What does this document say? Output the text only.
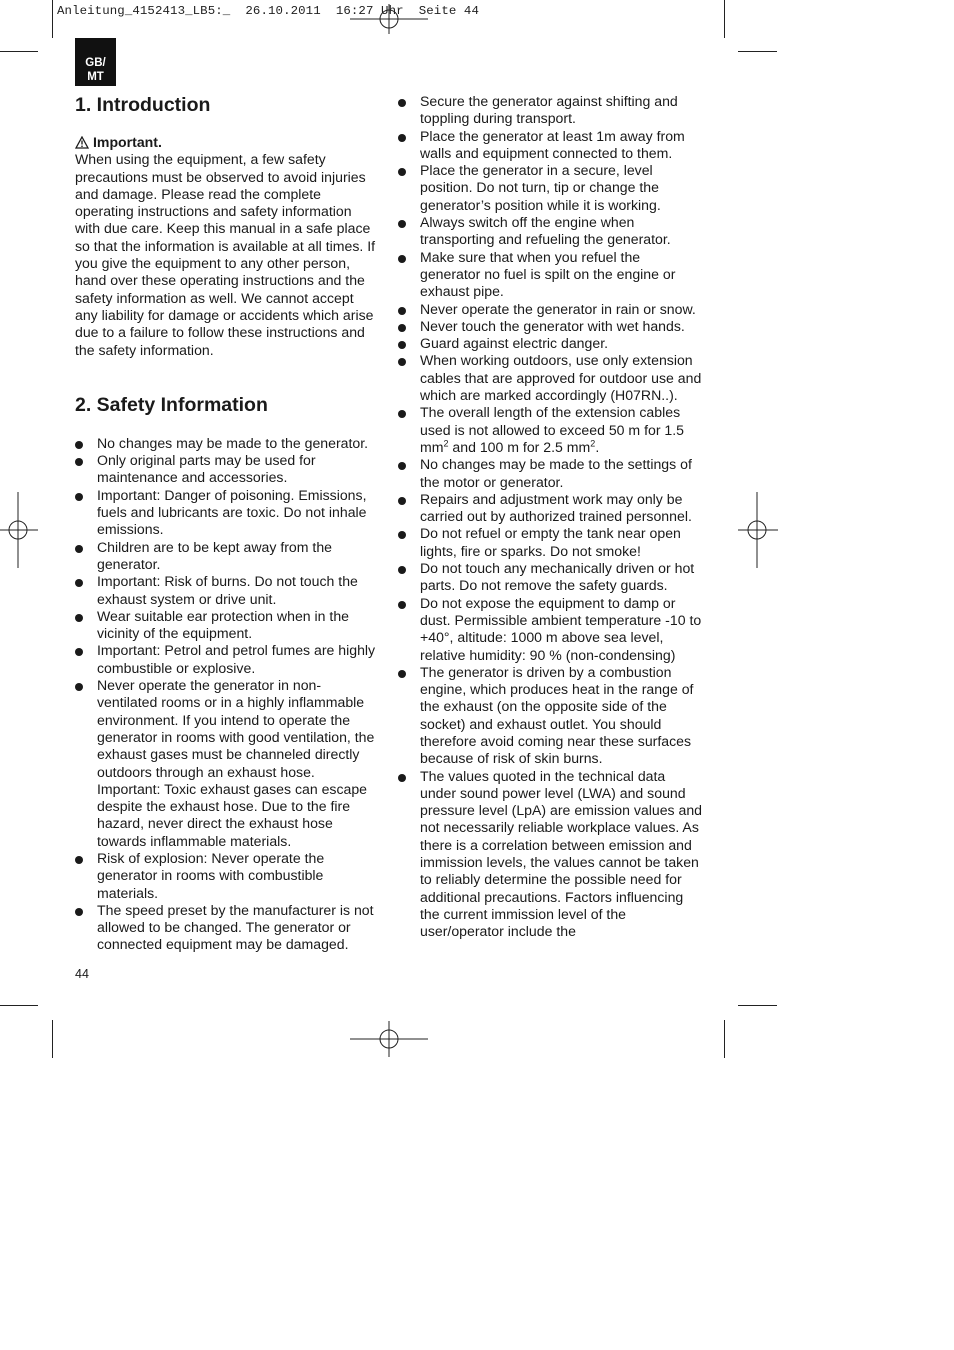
Anleitung_4152413_LB5:_  26.10.2011  16:27 Uhr  Seite 44
GB/
MT
1. Introduction
Important.

When using the equipment, a few safety precautions must be observed to avoid injuries and damage. Please read the complete operating instructions and safety information with due care. Keep this manual in a safe place so that the information is available at all times. If you give the equipment to any other person, hand over these operating instructions and the safety information as well. We cannot accept any liability for damage or accidents which arise due to a failure to follow these instructions and the safety information.

2. Safety Information
No changes may be made to the generator.
Only original parts may be used for maintenance and accessories.
Important: Danger of poisoning. Emissions, fuels and lubricants are toxic. Do not inhale emissions.
Children are to be kept away from the generator.
Important: Risk of burns. Do not touch the exhaust system or drive unit.
Wear suitable ear protection when in the vicinity of the equipment.
Important: Petrol and petrol fumes are highly combustible or explosive.
Never operate the generator in non-ventilated rooms or in a highly inflammable environment. If you intend to operate the generator in rooms with good ventilation, the exhaust gases must be channeled directly outdoors through an exhaust hose. Important: Toxic exhaust gases can escape despite the exhaust hose. Due to the fire hazard, never direct the exhaust hose towards inflammable materials.
Risk of explosion: Never operate the generator in rooms with combustible materials.
The speed preset by the manufacturer is not allowed to be changed. The generator or connected equipment may be damaged.
Secure the generator against shifting and toppling during transport.
Place the generator at least 1m away from walls and equipment connected to them.
Place the generator in a secure, level position. Do not turn, tip or change the generator’s position while it is working.
Always switch off the engine when transporting and refueling the generator.
Make sure that when you refuel the generator no fuel is spilt on the engine or exhaust pipe.
Never operate the generator in rain or snow.
Never touch the generator with wet hands.
Guard against electric danger.
When working outdoors, use only extension cables that are approved for outdoor use and which are marked accordingly (H07RN..).
The overall length of the extension cables used is not allowed to exceed 50 m for 1.5 $mm^2$ and 100 m for 2.5 $mm^2$.
No changes may be made to the settings of the motor or generator.
Repairs and adjustment work may only be carried out by authorized trained personnel.
Do not refuel or empty the tank near open lights, fire or sparks. Do not smoke!
Do not touch any mechanically driven or hot parts. Do not remove the safety guards.
Do not expose the equipment to damp or dust. Permissible ambient temperature -10 to +40°, altitude: 1000 m above sea level, relative humidity: 90 % (non-condensing)
The generator is driven by a combustion engine, which produces heat in the range of the exhaust (on the opposite side of the socket) and exhaust outlet. You should therefore avoid coming near these surfaces because of risk of skin burns.
The values quoted in the technical data under sound power level (LWA) and sound pressure level (LpA) are emission values and not necessarily reliable workplace values. As there is a correlation between emission and immission levels, the values cannot be taken to reliably determine the possible need for additional precautions. Factors influencing the current immission level of the user/operator include the
44
